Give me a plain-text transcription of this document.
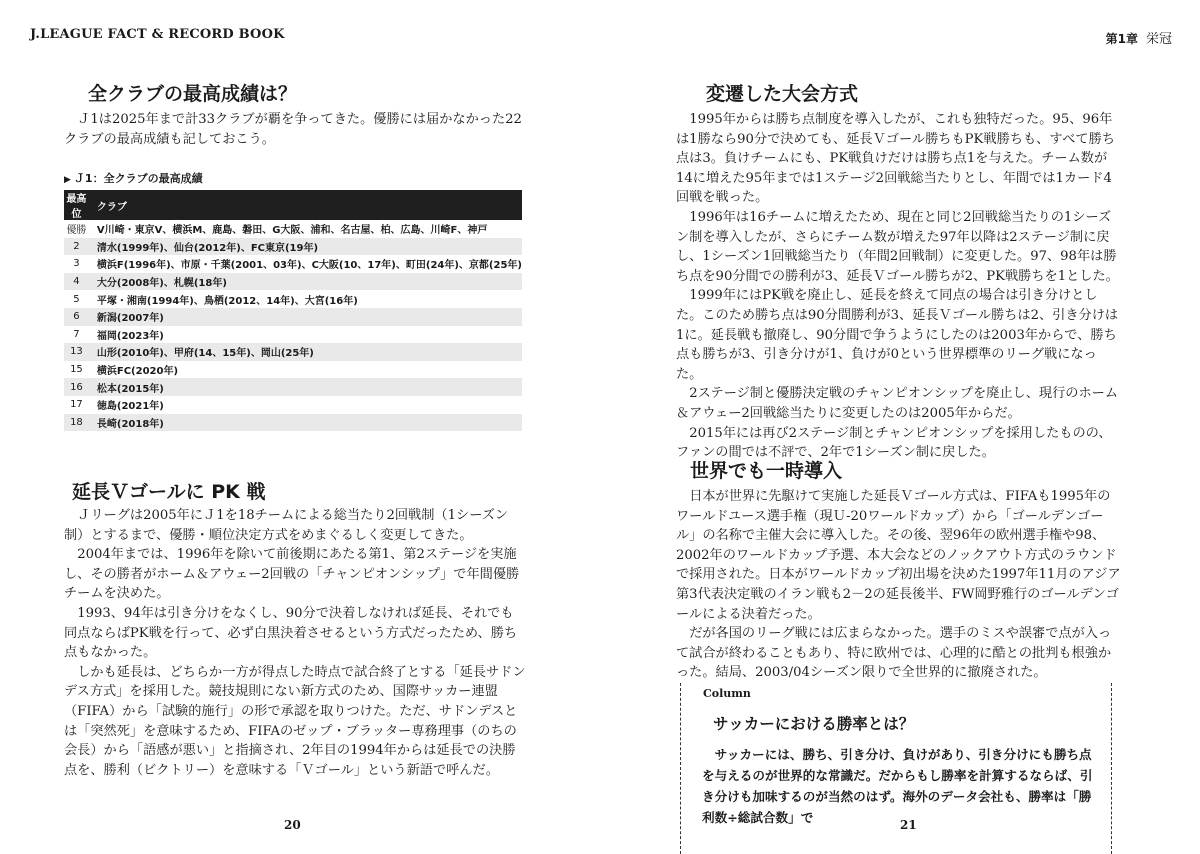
J.LEAGUE FACT & RECORD BOOK
全クラブの最高成績は？

Ｊ1は2025年まで計33クラブが覇を争ってきた。優勝には届かなかった22クラブの最高成績も記しておこう。

▶ Ｊ1：全クラブの最高成績
最高位	クラブ
優勝	V川崎・東京V、横浜M、鹿島、磐田、G大阪、浦和、名古屋、柏、広島、川崎F、神戸
2	清水(1999年)、仙台(2012年)、FC東京(19年)
3	横浜F(1996年)、市原・千葉(2001、03年)、C大阪(10、17年)、町田(24年)、京都(25年)
4	大分(2008年)、札幌(18年)
5	平塚・湘南(1994年)、鳥栖(2012、14年)、大宮(16年)
6	新潟(2007年)
7	福岡(2023年)
13	山形(2010年)、甲府(14、15年)、岡山(25年)
15	横浜FC(2020年)
16	松本(2015年)
17	徳島(2021年)
18	長崎(2018年)
延長Ｖゴールに PK 戦

Ｊリーグは2005年にＪ1を18チームによる総当たり2回戦制（1シーズン制）とするまで、優勝・順位決定方式をめまぐるしく変更してきた。

2004年までは、1996年を除いて前後期にあたる第1、第2ステージを実施し、その勝者がホーム＆アウェー2回戦の「チャンピオンシップ」で年間優勝チームを決めた。

1993、94年は引き分けをなくし、90分で決着しなければ延長、それでも同点ならばPK戦を行って、必ず白黒決着させるという方式だったため、勝ち点もなかった。

しかも延長は、どちらか一方が得点した時点で試合終了とする「延長サドンデス方式」を採用した。競技規則にない新方式のため、国際サッカー連盟（FIFA）から「試験的施行」の形で承認を取りつけた。ただ、サドンデスとは「突然死」を意味するため、FIFAのゼップ・ブラッター専務理事（のちの会長）から「語感が悪い」と指摘され、2年目の1994年からは延長での決勝点を、勝利（ビクトリー）を意味する「Ｖゴール」という新語で呼んだ。

20
第1章 栄冠
変遷した大会方式

1995年からは勝ち点制度を導入したが、これも独特だった。95、96年は1勝なら90分で決めても、延長Ｖゴール勝ちもPK戦勝ちも、すべて勝ち点は3。負けチームにも、PK戦負けだけは勝ち点1を与えた。チーム数が14に増えた95年までは1ステージ2回戦総当たりとし、年間では1カード4回戦を戦った。

1996年は16チームに増えたため、現在と同じ2回戦総当たりの1シーズン制を導入したが、さらにチーム数が増えた97年以降は2ステージ制に戻し、1シーズン1回戦総当たり（年間2回戦制）に変更した。97、98年は勝ち点を90分間での勝利が3、延長Ｖゴール勝ちが2、PK戦勝ちを1とした。

1999年にはPK戦を廃止し、延長を終えて同点の場合は引き分けとした。このため勝ち点は90分間勝利が3、延長Ｖゴール勝ちは2、引き分けは1に。延長戦も撤廃し、90分間で争うようにしたのは2003年からで、勝ち点も勝ちが3、引き分けが1、負けが0という世界標準のリーグ戦になった。

2ステージ制と優勝決定戦のチャンピオンシップを廃止し、現行のホーム＆アウェー2回戦総当たりに変更したのは2005年からだ。

2015年には再び2ステージ制とチャンピオンシップを採用したものの、ファンの間では不評で、2年で1シーズン制に戻した。

世界でも一時導入

日本が世界に先駆けて実施した延長Ｖゴール方式は、FIFAも1995年のワールドユース選手権（現Ｕ-20ワールドカップ）から「ゴールデンゴール」の名称で主催大会に導入した。その後、翌96年の欧州選手権や98、2002年のワールドカップ予選、本大会などのノックアウト方式のラウンドで採用された。日本がワールドカップ初出場を決めた1997年11月のアジア第3代表決定戦のイラン戦も2－2の延長後半、FW岡野雅行のゴールデンゴールによる決着だった。

だが各国のリーグ戦には広まらなかった。選手のミスや誤審で点が入って試合が終わることもあり、特に欧州では、心理的に酷との批判も根強かった。結局、2003/04シーズン限りで全世界的に撤廃された。

Column
サッカーにおける勝率とは？

サッカーには、勝ち、引き分け、負けがあり、引き分けにも勝ち点を与えるのが世界的な常識だ。だからもし勝率を計算するならば、引き分けも加味するのが当然のはず。海外のデータ会社も、勝率は「勝利数÷総試合数」で	21
